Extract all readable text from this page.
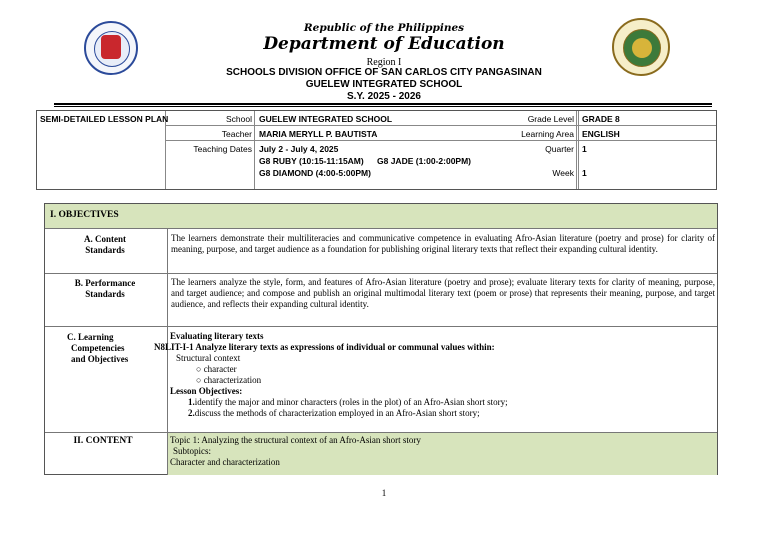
Republic of the Philippines
Department of Education
Region I
SCHOOLS DIVISION OFFICE OF SAN CARLOS CITY PANGASINAN
GUELEW INTEGRATED SCHOOL
S.Y. 2025 - 2026
SEMI-DETAILED LESSON PLAN	School GUELEW INTEGRATED SCHOOL
Teacher MARIA MERYLL P. BAUTISTA
Teaching Dates July 2 - July 4, 2025
G8 RUBY (10:15-11:15AM) G8 JADE (1:00-2:00PM)
G8 DIAMOND (4:00-5:00PM)
Grade Level GRADE 8
Learning Area ENGLISH
Quarter 1
Week 1
I. OBJECTIVES
A. Content
Standards
The learners demonstrate their multiliteracies and communicative competence in evaluating Afro-Asian literature (poetry and prose) for clarity of meaning, purpose, and target audience as a foundation for publishing original literary texts that reflect their expanding cultural identity.
B. Performance
Standards
The learners analyze the style, form, and features of Afro-Asian literature (poetry and prose); evaluate literary texts for clarity of meaning, purpose, and target audience; and compose and publish an original multimodal literary text (poem or prose) that represents their meaning, purpose, and target audience, and reflects their expanding cultural identity.
C. Learning
Competencies
and Objectives
Evaluating literary texts
N8LIT-I-1 Analyze literary texts as expressions of individual or communal values within:
Structural context
○ character
○ characterization
Lesson Objectives:
1.identify the major and minor characters (roles in the plot) of an Afro-Asian short story;
2.discuss the methods of characterization employed in an Afro-Asian short story;
II. CONTENT	Topic 1: Analyzing the structural context of an Afro-Asian short story
Subtopics:
Character and characterization
1
